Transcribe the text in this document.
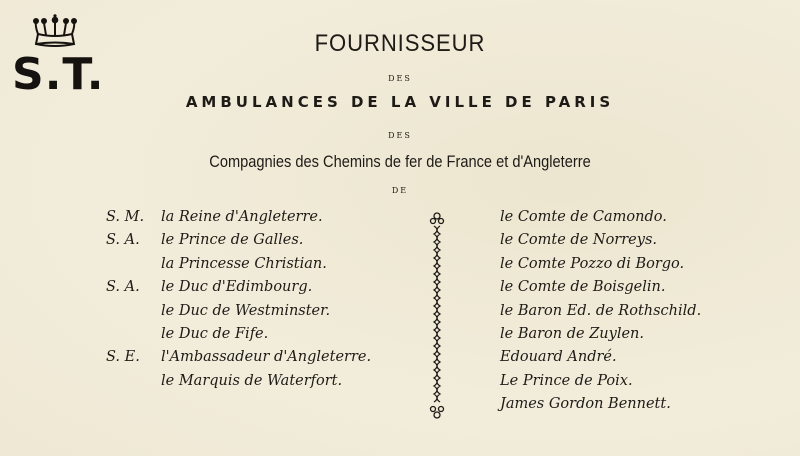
S.T.
FOURNISSEUR
DES
AMBULANCES DE LA VILLE DE PARIS
DES
Compagnies des Chemins de fer de France et d'Angleterre
DE
S. M. la Reine d'Angleterre.
S. A. le Prince de Galles.
la Princesse Christian.
S. A. le Duc d'Edimbourg.
le Duc de Westminster.
le Duc de Fife.
S. E. l'Ambassadeur d'Angleterre.
le Marquis de Waterfort.
le Comte de Camondo.
le Comte de Norreys.
le Comte Pozzo di Borgo.
le Comte de Boisgelin.
le Baron Ed. de Rothschild.
le Baron de Zuylen.
Edouard André.
Le Prince de Poix.
James Gordon Bennett.
